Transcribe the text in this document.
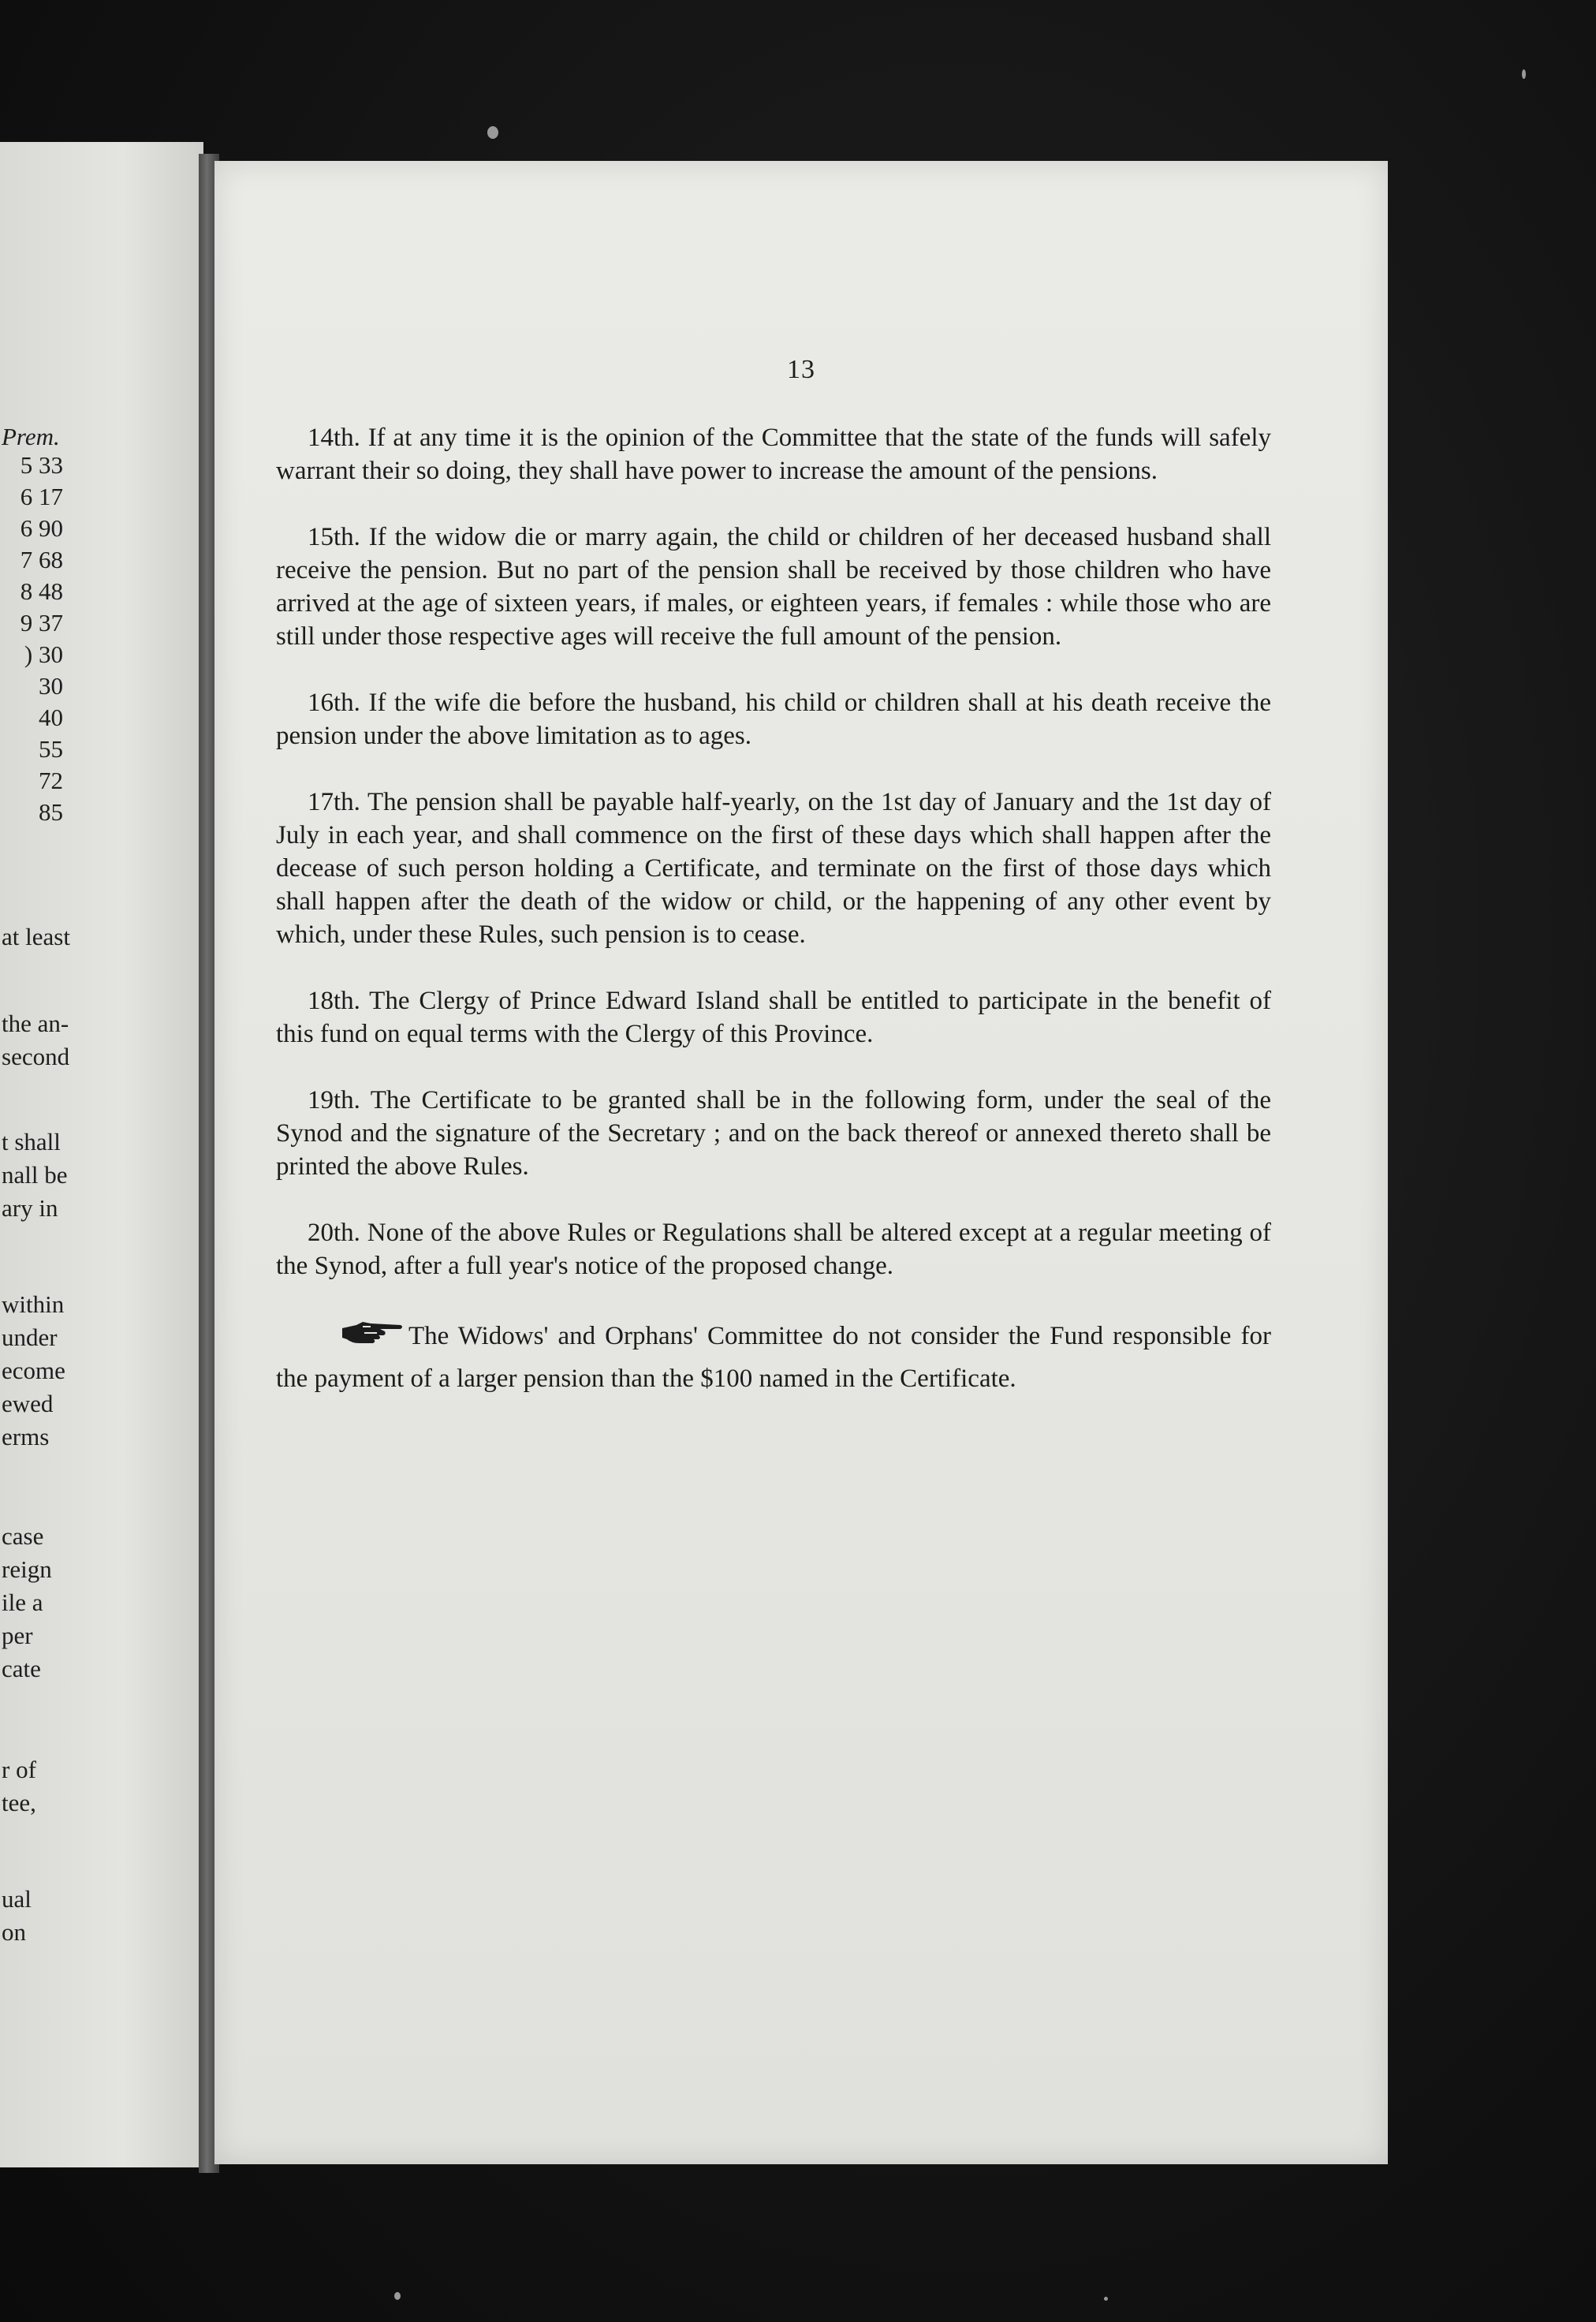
Prem.
5 33
6 17
6 90
7 68
8 48
9 37
) 30
30
40
55
72
85
at least
the an-
second
t shall
nall be
ary in
within
under
ecome
ewed
erms
case
reign
ile a
per
cate
r of
tee,
ual
on
13

14th. If at any time it is the opinion of the Committee that the state of the funds will safely warrant their so doing, they shall have power to increase the amount of the pensions.

15th. If the widow die or marry again, the child or children of her deceased husband shall receive the pension. But no part of the pension shall be received by those children who have arrived at the age of sixteen years, if males, or eighteen years, if females : while those who are still under those respective ages will receive the full amount of the pension.

16th. If the wife die before the husband, his child or children shall at his death receive the pension under the above limitation as to ages.

17th. The pension shall be payable half-yearly, on the 1st day of January and the 1st day of July in each year, and shall commence on the first of these days which shall happen after the decease of such person holding a Certificate, and terminate on the first of those days which shall happen after the death of the widow or child, or the happening of any other event by which, under these Rules, such pension is to cease.

18th. The Clergy of Prince Edward Island shall be entitled to participate in the benefit of this fund on equal terms with the Clergy of this Province.

19th. The Certificate to be granted shall be in the following form, under the seal of the Synod and the signature of the Secretary ; and on the back thereof or annexed thereto shall be printed the above Rules.

20th. None of the above Rules or Regulations shall be altered except at a regular meeting of the Synod, after a full year's notice of the proposed change.

The Widows' and Orphans' Committee do not consider the Fund responsible for the payment of a larger pension than the $100 named in the Certificate.
